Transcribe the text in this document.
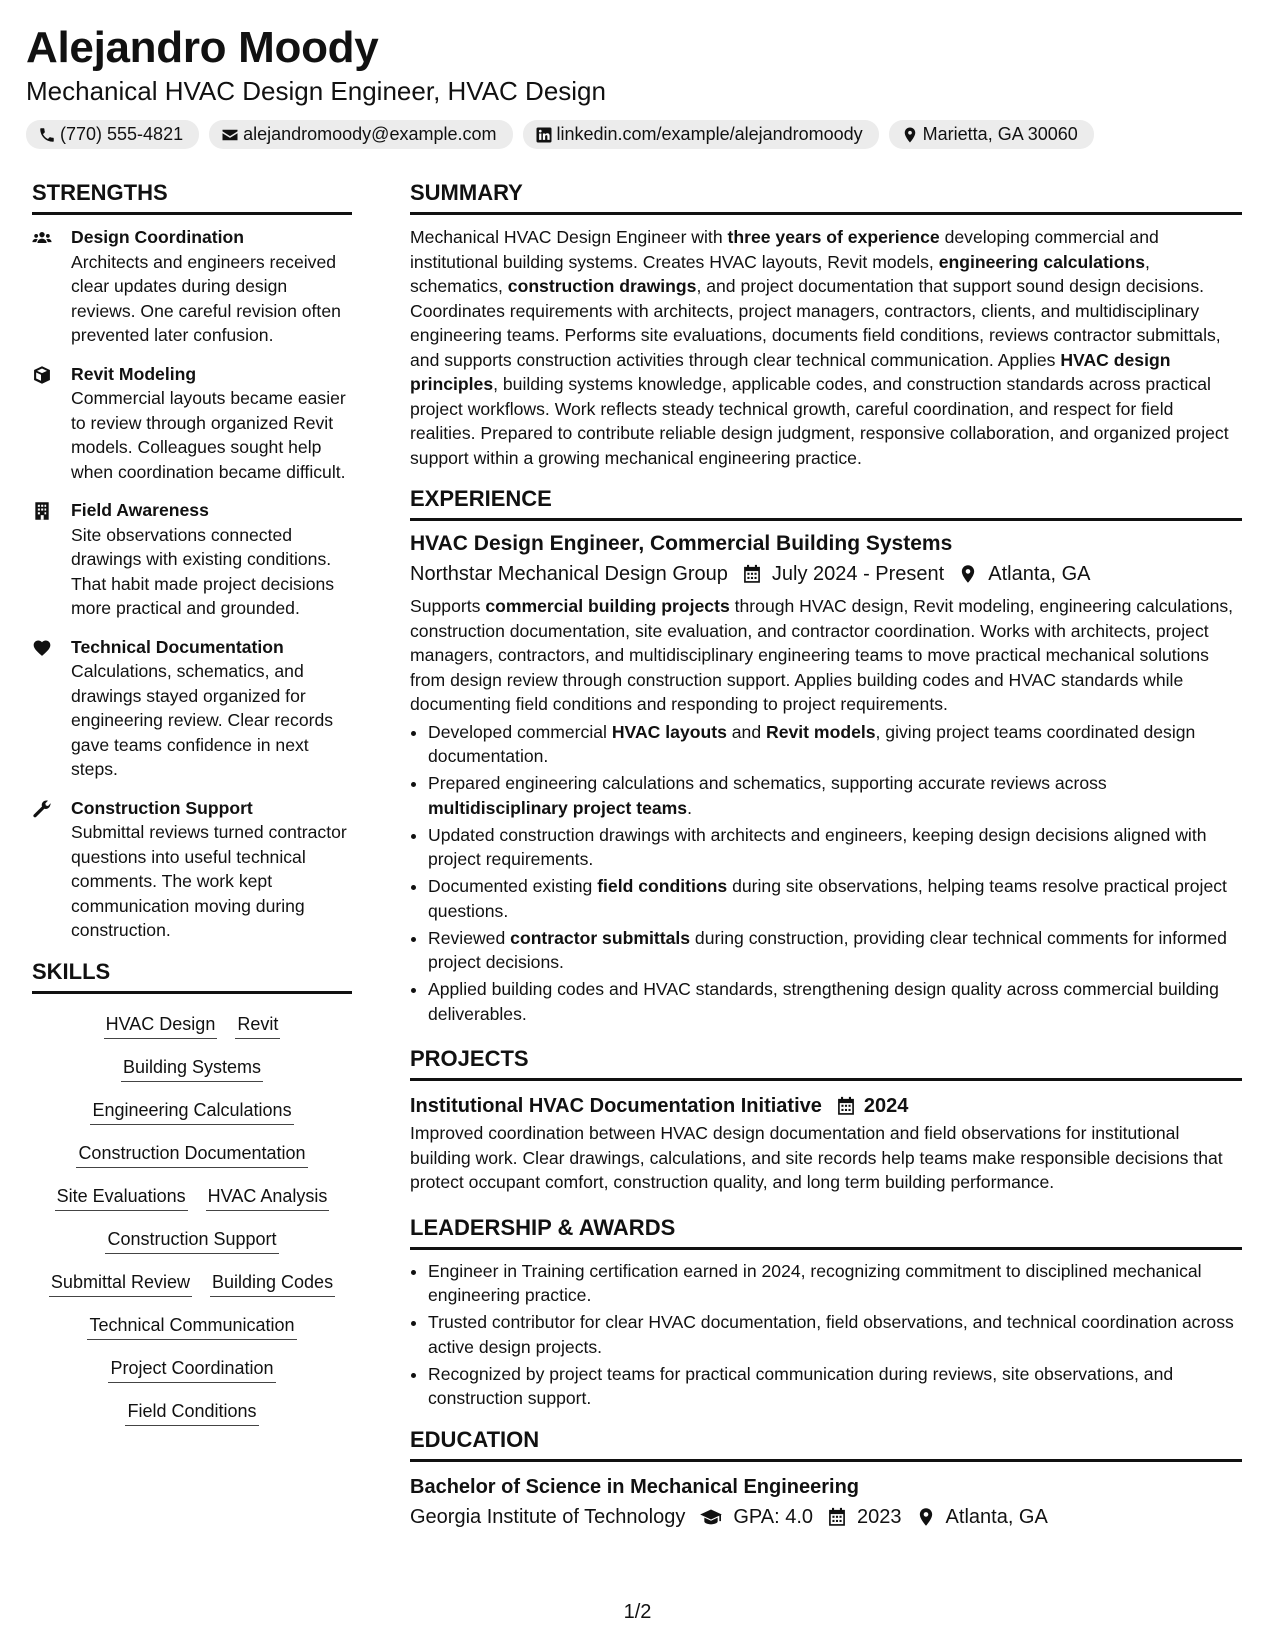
Alejandro Moody
Mechanical HVAC Design Engineer, HVAC Design
(770) 555-4821	alejandromoody@example.com	linkedin.com/example/alejandromoody	Marietta, GA 30060
STRENGTHS
Design Coordination
Architects and engineers received clear updates during design reviews. One careful revision often prevented later confusion.
Revit Modeling
Commercial layouts became easier to review through organized Revit models. Colleagues sought help when coordination became difficult.
Field Awareness
Site observations connected drawings with existing conditions. That habit made project decisions more practical and grounded.
Technical Documentation
Calculations, schematics, and drawings stayed organized for engineering review. Clear records gave teams confidence in next steps.
Construction Support
Submittal reviews turned contractor questions into useful technical comments. The work kept communication moving during construction.
SKILLS
HVAC Design Revit
Building Systems
Engineering Calculations
Construction Documentation
Site Evaluations HVAC Analysis
Construction Support
Submittal Review Building Codes
Technical Communication
Project Coordination
Field Conditions
SUMMARY

Mechanical HVAC Design Engineer with three years of experience developing commercial and institutional building systems. Creates HVAC layouts, Revit models, engineering calculations, schematics, construction drawings, and project documentation that support sound design decisions. Coordinates requirements with architects, project managers, contractors, clients, and multidisciplinary engineering teams. Performs site evaluations, documents field conditions, reviews contractor submittals, and supports construction activities through clear technical communication. Applies HVAC design principles, building systems knowledge, applicable codes, and construction standards across practical project workflows. Work reflects steady technical growth, careful coordination, and respect for field realities. Prepared to contribute reliable design judgment, responsive collaboration, and organized project support within a growing mechanical engineering practice.

EXPERIENCE
HVAC Design Engineer, Commercial Building Systems
Northstar Mechanical Design Group July 2024 - Present Atlanta, GA

Supports commercial building projects through HVAC design, Revit modeling, engineering calculations, construction documentation, site evaluation, and contractor coordination. Works with architects, project managers, contractors, and multidisciplinary engineering teams to move practical mechanical solutions from design review through construction support. Applies building codes and HVAC standards while documenting field conditions and responding to project requirements.

• Developed commercial HVAC layouts and Revit models, giving project teams coordinated design documentation.
• Prepared engineering calculations and schematics, supporting accurate reviews across multidisciplinary project teams.
• Updated construction drawings with architects and engineers, keeping design decisions aligned with project requirements.
• Documented existing field conditions during site observations, helping teams resolve practical project questions.
• Reviewed contractor submittals during construction, providing clear technical comments for informed project decisions.
• Applied building codes and HVAC standards, strengthening design quality across commercial building deliverables.
PROJECTS
Institutional HVAC Documentation Initiative 2024

Improved coordination between HVAC design documentation and field observations for institutional building work. Clear drawings, calculations, and site records help teams make responsible decisions that protect occupant comfort, construction quality, and long term building performance.

LEADERSHIP & AWARDS
• Engineer in Training certification earned in 2024, recognizing commitment to disciplined mechanical engineering practice.
• Trusted contributor for clear HVAC documentation, field observations, and technical coordination across active design projects.
• Recognized by project teams for practical communication during reviews, site observations, and construction support.
EDUCATION
Bachelor of Science in Mechanical Engineering
Georgia Institute of Technology GPA: 4.0 2023 Atlanta, GA
1/2
